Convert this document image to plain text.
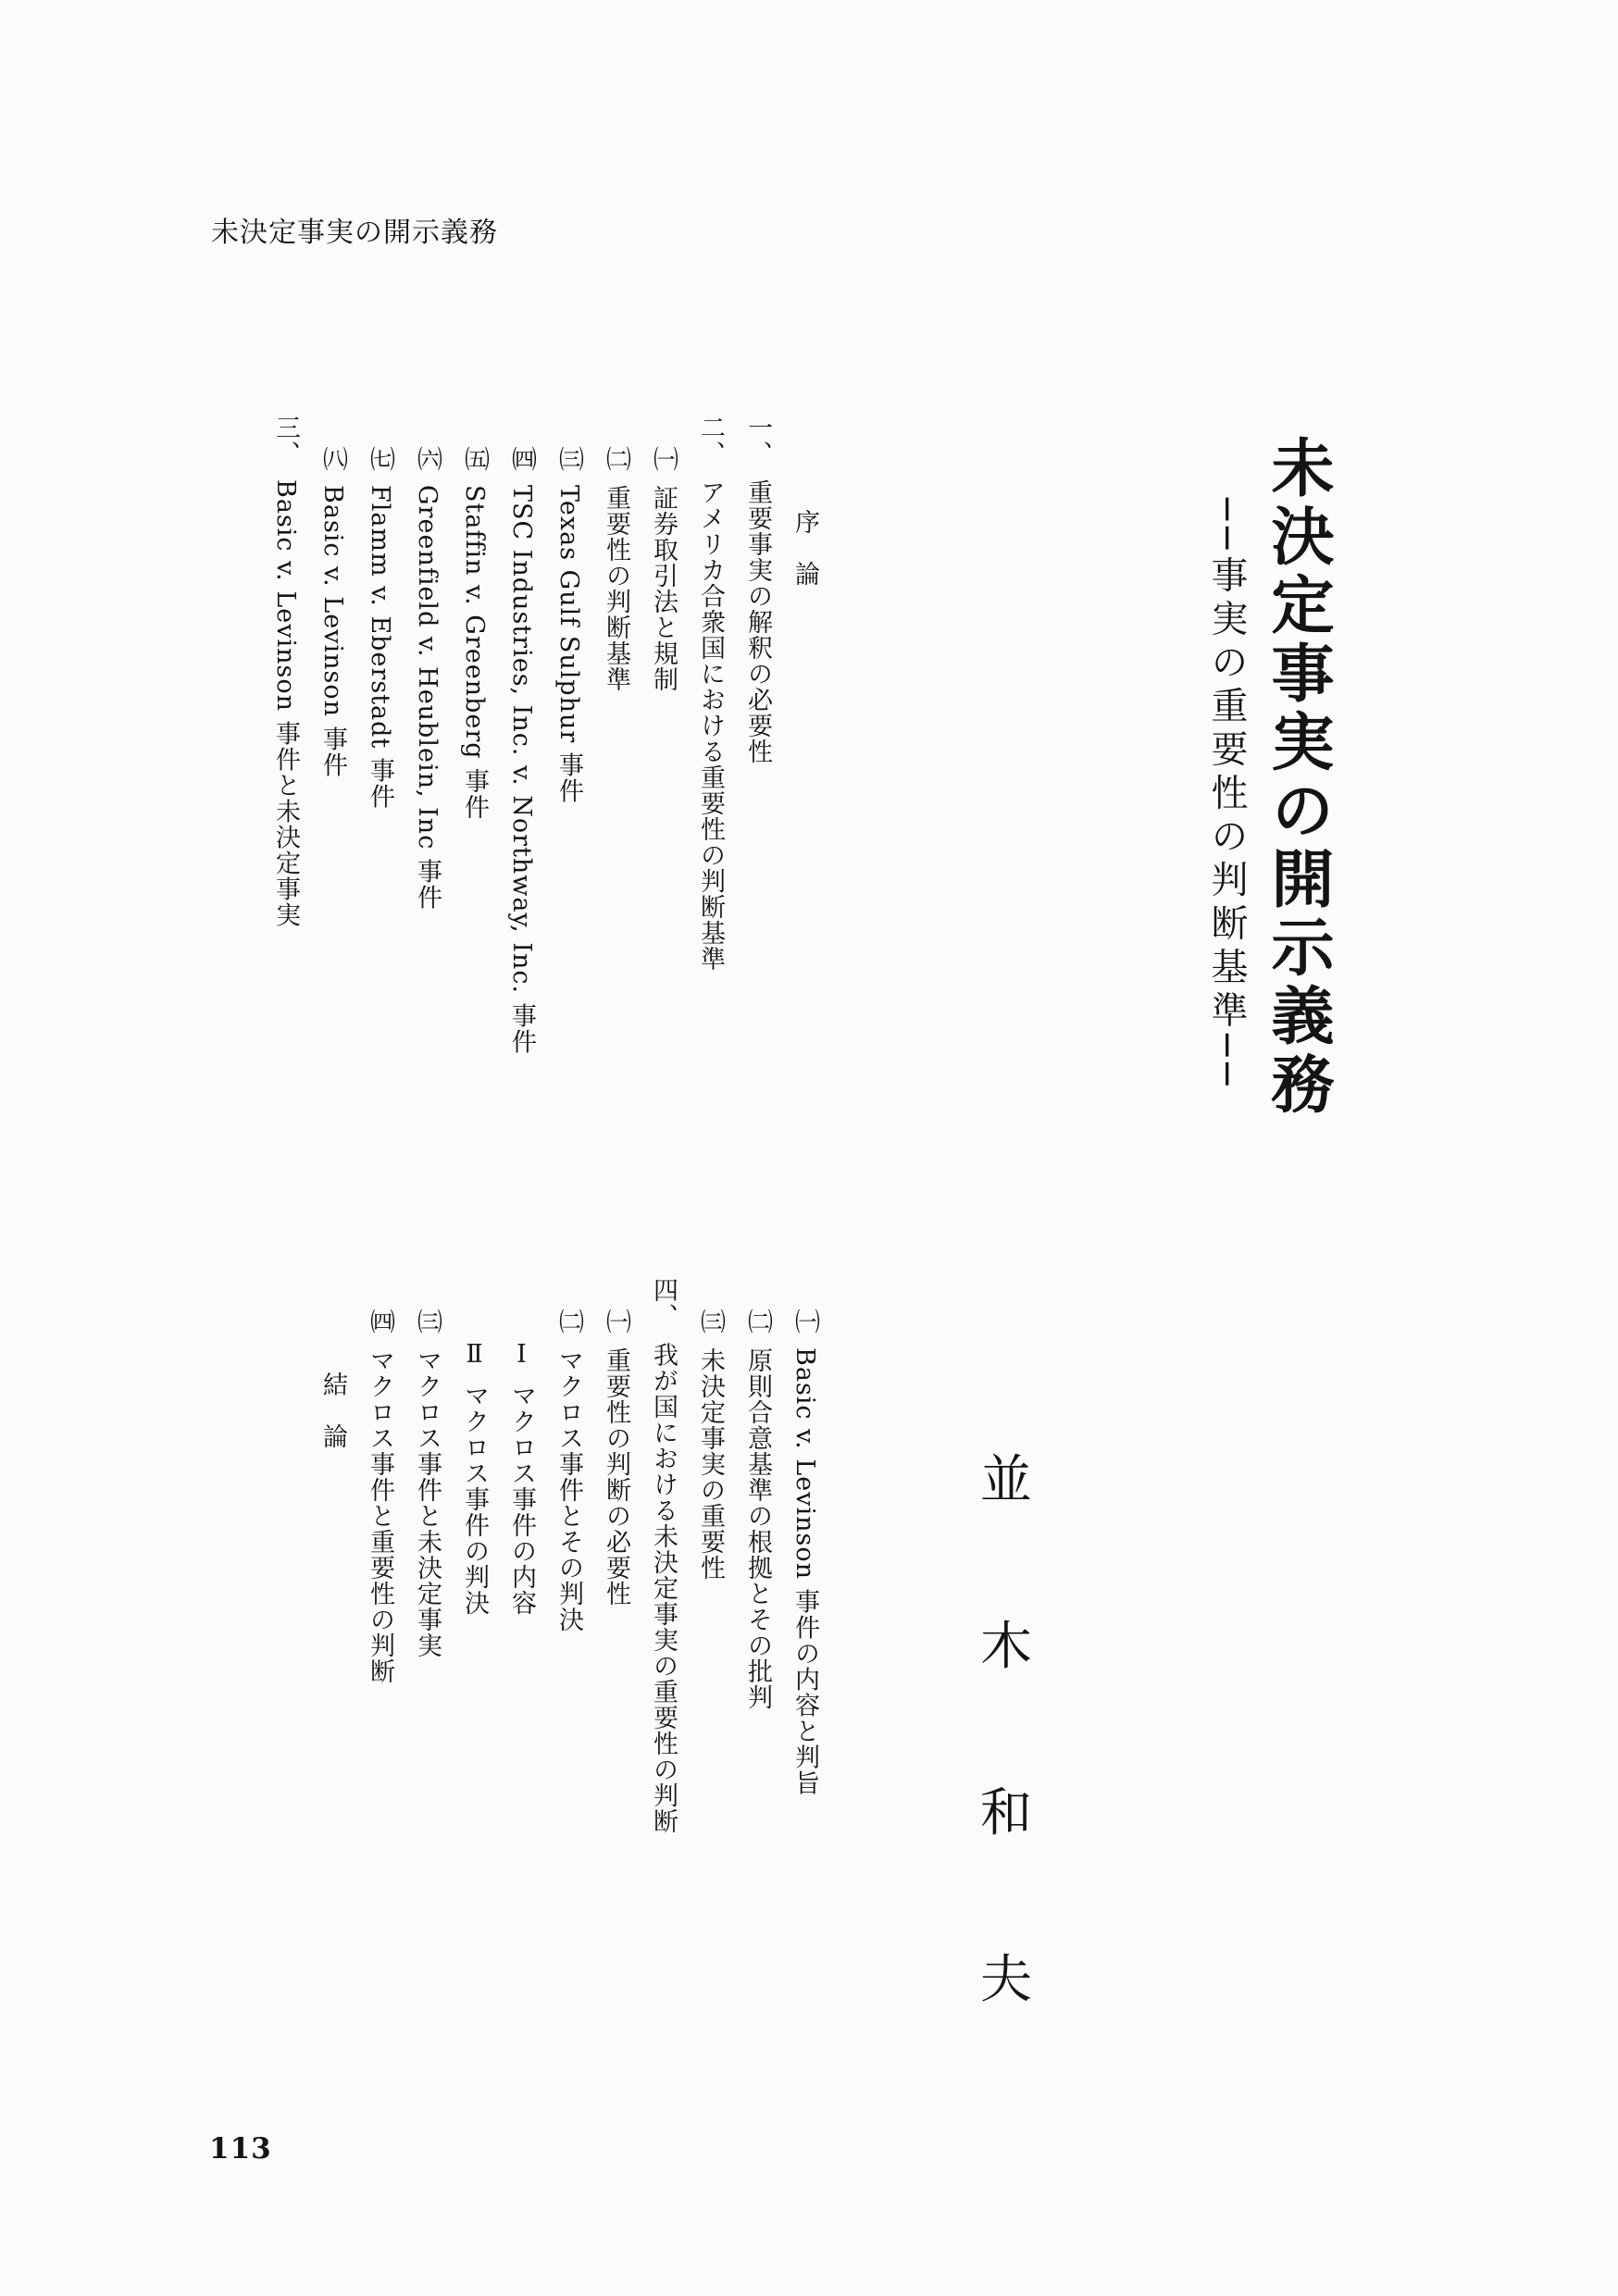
未決定事実の開示義務
未決定事実の開示義務
──事実の重要性の判断基準──
並
木
和
夫
序　論
一、重要事実の解釈の必要性
二、アメリカ合衆国における重要性の判断基準
㈠証券取引法と規制
㈡重要性の判断基準
㈢Texas Gulf Sulphur 事件
㈣TSC Industries, Inc. v. Northway, Inc. 事件
㈤Staffin v. Greenberg 事件
㈥Greenfield v. Heublein, Inc 事件
㈦Flamm v. Eberstadt 事件
㈧Basic v. Levinson 事件
三、Basic v. Levinson 事件と未決定事実
㈠Basic v. Levinson 事件の内容と判旨
㈡原則合意基準の根拠とその批判
㈢未決定事実の重要性
四、我が国における未決定事実の重要性の判断
㈠重要性の判断の必要性
㈡マクロス事件とその判決
Ⅰマクロス事件の内容
Ⅱマクロス事件の判決
㈢マクロス事件と未決定事実
㈣マクロス事件と重要性の判断
結　論
113
